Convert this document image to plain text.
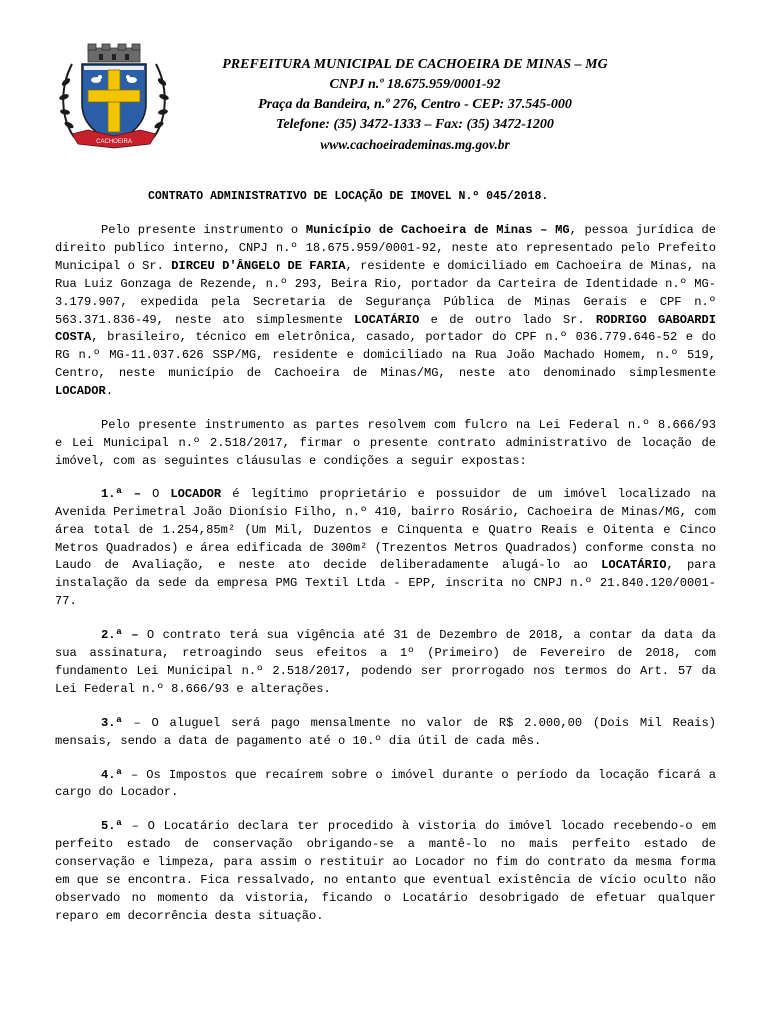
CACHOEIRA
PREFEITURA MUNICIPAL DE CACHOEIRA DE MINAS – MG
CNPJ n.º 18.675.959/0001-92
Praça da Bandeira, n.º 276, Centro - CEP: 37.545-000
Telefone: (35) 3472-1333 – Fax: (35) 3472-1200
www.cachoeirademinas.mg.gov.br
CONTRATO ADMINISTRATIVO DE LOCAÇÃO DE IMOVEL N.º 045/2018.

Pelo presente instrumento o Município de Cachoeira de Minas – MG, pessoa jurídica de direito publico interno, CNPJ n.º 18.675.959/0001-92, neste ato representado pelo Prefeito Municipal o Sr. DIRCEU D'ÂNGELO DE FARIA, residente e domiciliado em Cachoeira de Minas, na Rua Luiz Gonzaga de Rezende, n.º 293, Beira Rio, portador da Carteira de Identidade n.º MG-3.179.907, expedida pela Secretaria de Segurança Pública de Minas Gerais e CPF n.º 563.371.836-49, neste ato simplesmente LOCATÁRIO e de outro lado Sr. RODRIGO GABOARDI COSTA, brasileiro, técnico em eletrônica, casado, portador do CPF n.º 036.779.646-52 e do RG n.º MG-11.037.626 SSP/MG, residente e domiciliado na Rua João Machado Homem, n.º 519, Centro, neste município de Cachoeira de Minas/MG, neste ato denominado simplesmente LOCADOR.

Pelo presente instrumento as partes resolvem com fulcro na Lei Federal n.º 8.666/93 e Lei Municipal n.º 2.518/2017, firmar o presente contrato administrativo de locação de imóvel, com as seguintes cláusulas e condições a seguir expostas:

1.ª – O LOCADOR é legítimo proprietário e possuidor de um imóvel localizado na Avenida Perimetral João Dionísio Filho, n.º 410, bairro Rosário, Cachoeira de Minas/MG, com área total de 1.254,85m² (Um Mil, Duzentos e Cinquenta e Quatro Reais e Oitenta e Cinco Metros Quadrados) e área edificada de 300m² (Trezentos Metros Quadrados) conforme consta no Laudo de Avaliação, e neste ato decide deliberadamente alugá-lo ao LOCATÁRIO, para instalação da sede da empresa PMG Textil Ltda - EPP, inscrita no CNPJ n.º 21.840.120/0001-77.

2.ª – O contrato terá sua vigência até 31 de Dezembro de 2018, a contar da data da sua assinatura, retroagindo seus efeitos a 1º (Primeiro) de Fevereiro de 2018, com fundamento Lei Municipal n.º 2.518/2017, podendo ser prorrogado nos termos do Art. 57 da Lei Federal n.º 8.666/93 e alterações.

3.ª – O aluguel será pago mensalmente no valor de R$ 2.000,00 (Dois Mil Reais) mensais, sendo a data de pagamento até o 10.º dia útil de cada mês.

4.ª – Os Impostos que recaírem sobre o imóvel durante o período da locação ficará a cargo do Locador.

5.ª – O Locatário declara ter procedido à vistoria do imóvel locado recebendo-o em perfeito estado de conservação obrigando-se a mantê-lo no mais perfeito estado de conservação e limpeza, para assim o restituir ao Locador no fim do contrato da mesma forma em que se encontra. Fica ressalvado, no entanto que eventual existência de vício oculto não observado no momento da vistoria, ficando o Locatário desobrigado de efetuar qualquer reparo em decorrência desta situação.
